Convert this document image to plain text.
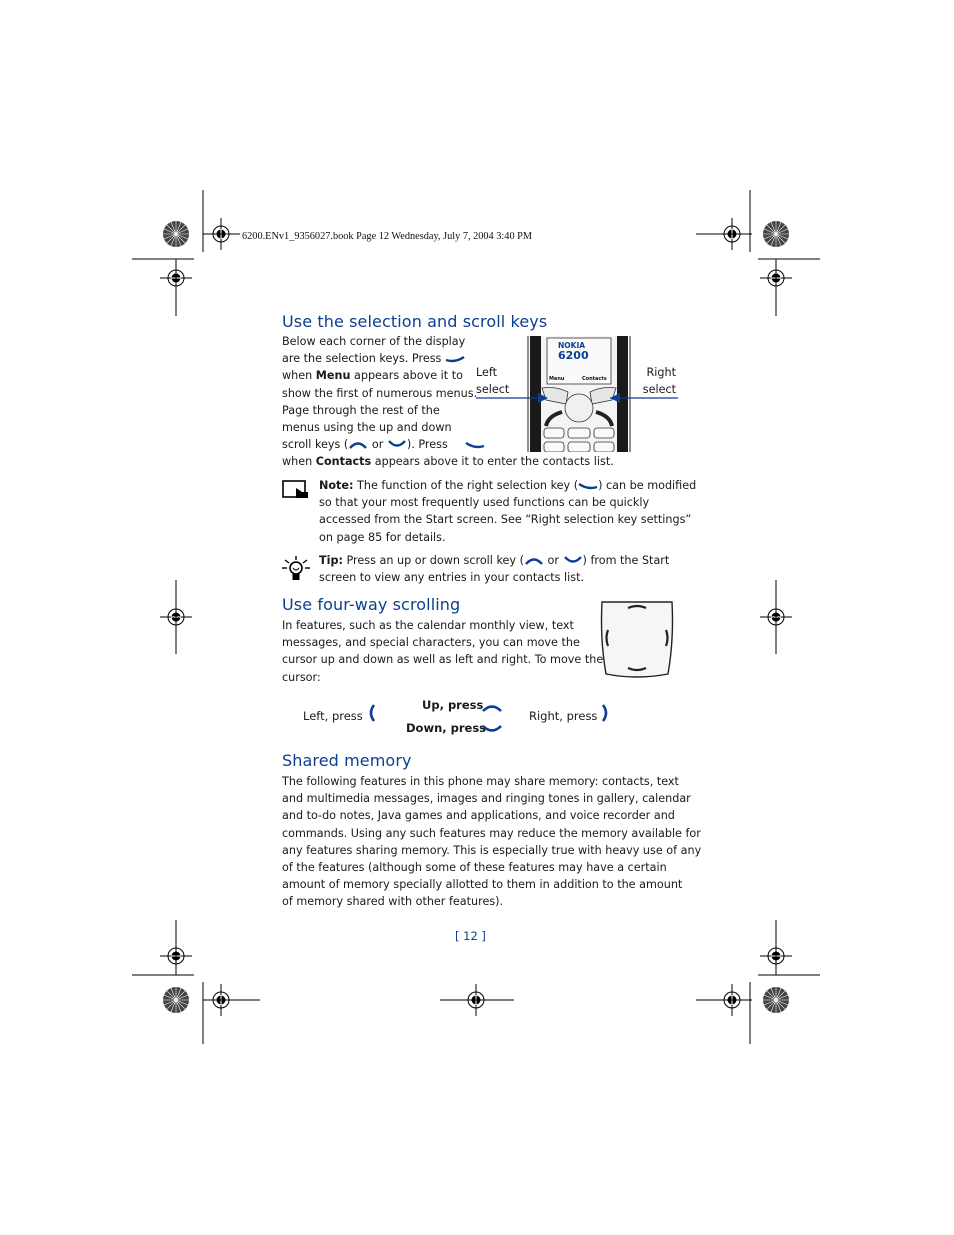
6200.ENv1_9356027.book Page 12 Wednesday, July 7, 2004 3:40 PM
Use the selection and scroll keys
Below each corner of the display
are the selection keys. Press
when Menu appears above it to
show the first of numerous menus.
Page through the rest of the
menus using the up and down
scroll keys (
or
). Press
when Contacts appears above it to enter the contacts list.
Left
select
Right
select
NOKIA
6200
Menu	Contacts
Note: The function of the right selection key ( ) can be modified
so that your most frequently used functions can be quickly
accessed from the Start screen. See “Right selection key settings”
on page 85 for details.
Tip: Press an up or down scroll key (
or
) from the Start
screen to view any entries in your contacts list.
Use four-way scrolling
In features, such as the calendar monthly view, text
messages, and special characters, you can move the
cursor up and down as well as left and right. To move the
cursor:
Left, press
Up, press
Down, press
Right, press
Shared memory
The following features in this phone may share memory: contacts, text
and multimedia messages, images and ringing tones in gallery, calendar
and to-do notes, Java games and applications, and voice recorder and
commands. Using any such features may reduce the memory available for
any features sharing memory. This is especially true with heavy use of any
of the features (although some of these features may have a certain
amount of memory specially allotted to them in addition to the amount
of memory shared with other features).
[ 12 ]
